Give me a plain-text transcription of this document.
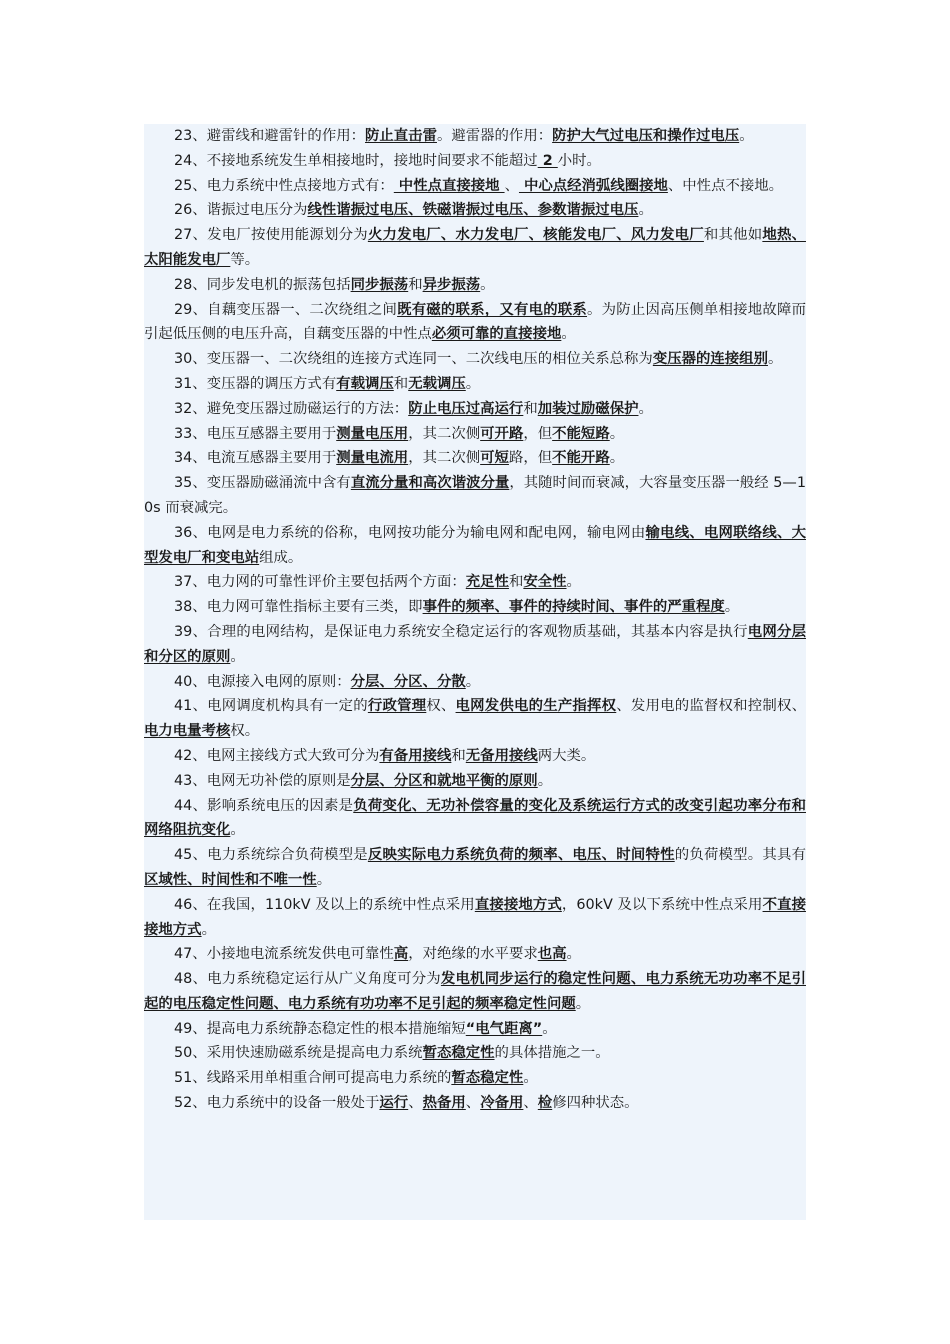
23、避雷线和避雷针的作用：防止直击雷。避雷器的作用：防护大气过电压和操作过电压。

24、不接地系统发生单相接地时，接地时间要求不能超过 2 小时。

25、电力系统中性点接地方式有： 中性点直接接地 、 中心点经消弧线圈接地、中性点不接地。

26、谐振过电压分为线性谐振过电压、铁磁谐振过电压、参数谐振过电压。

27、发电厂按使用能源划分为火力发电厂、水力发电厂、核能发电厂、风力发电厂和其他如地热、太阳能发电厂等。

28、同步发电机的振荡包括同步振荡和异步振荡。

29、自藕变压器一、二次绕组之间既有磁的联系，又有电的联系。为防止因高压侧单相接地故障而引起低压侧的电压升高，自藕变压器的中性点必须可靠的直接接地。

30、变压器一、二次绕组的连接方式连同一、二次线电压的相位关系总称为变压器的连接组别。

31、变压器的调压方式有有载调压和无载调压。

32、避免变压器过励磁运行的方法：防止电压过高运行和加装过励磁保护。

33、电压互感器主要用于测量电压用，其二次侧可开路，但不能短路。

34、电流互感器主要用于测量电流用，其二次侧可短路，但不能开路。

35、变压器励磁涌流中含有直流分量和高次谐波分量，其随时间而衰减，大容量变压器一般经 5—10s 而衰减完。

36、电网是电力系统的俗称，电网按功能分为输电网和配电网，输电网由输电线、电网联络线、大型发电厂和变电站组成。

37、电力网的可靠性评价主要包括两个方面：充足性和安全性。

38、电力网可靠性指标主要有三类，即事件的频率、事件的持续时间、事件的严重程度。

39、合理的电网结构，是保证电力系统安全稳定运行的客观物质基础，其基本内容是执行电网分层和分区的原则。

40、电源接入电网的原则：分层、分区、分散。

41、电网调度机构具有一定的行政管理权、电网发供电的生产指挥权、发用电的监督权和控制权、电力电量考核权。

42、电网主接线方式大致可分为有备用接线和无备用接线两大类。

43、电网无功补偿的原则是分层、分区和就地平衡的原则。

44、影响系统电压的因素是负荷变化、无功补偿容量的变化及系统运行方式的改变引起功率分布和网络阻抗变化。

45、电力系统综合负荷模型是反映实际电力系统负荷的频率、电压、时间特性的负荷模型。其具有区域性、时间性和不唯一性。

46、在我国，110kV 及以上的系统中性点采用直接接地方式，60kV 及以下系统中性点采用不直接接地方式。

47、小接地电流系统发供电可靠性高，对绝缘的水平要求也高。

48、电力系统稳定运行从广义角度可分为发电机同步运行的稳定性问题、电力系统无功功率不足引起的电压稳定性问题、电力系统有功功率不足引起的频率稳定性问题。

49、提高电力系统静态稳定性的根本措施缩短“电气距离”。

50、采用快速励磁系统是提高电力系统暂态稳定性的具体措施之一。

51、线路采用单相重合闸可提高电力系统的暂态稳定性。

52、电力系统中的设备一般处于运行、热备用、冷备用、检修四种状态。
